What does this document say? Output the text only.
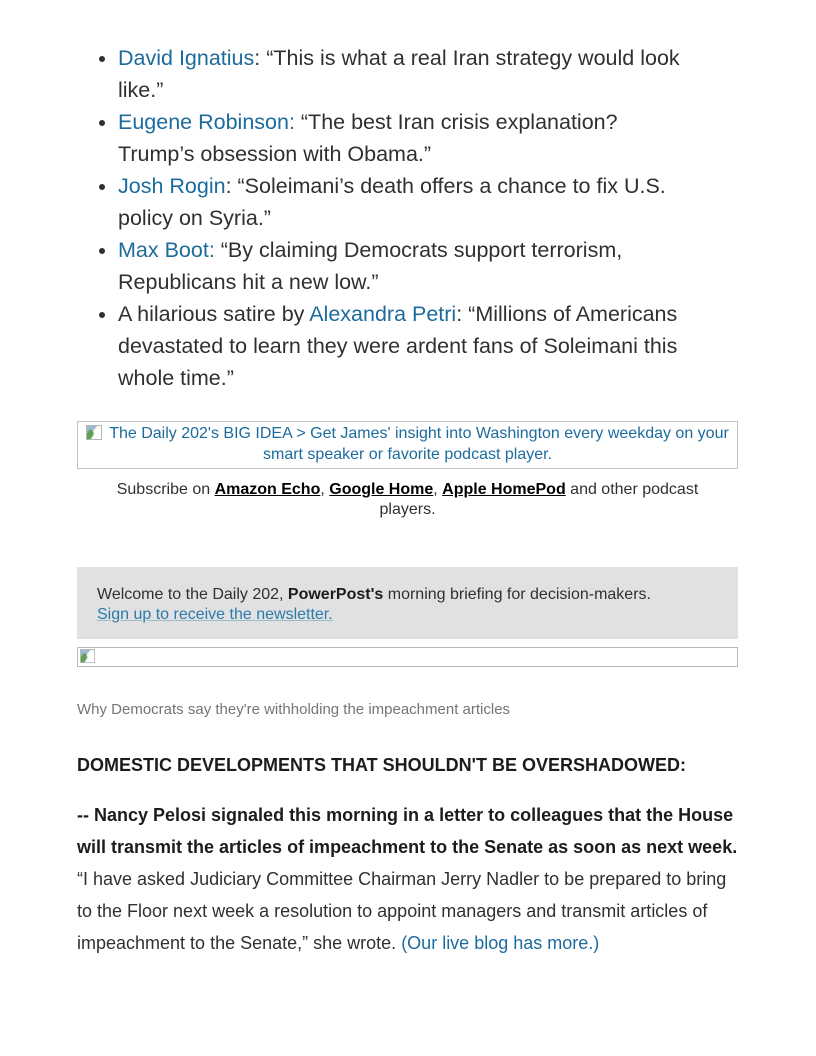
• David Ignatius: “This is what a real Iran strategy would look like.”
• Eugene Robinson: “The best Iran crisis explanation? Trump’s obsession with Obama.”
• Josh Rogin: “Soleimani’s death offers a chance to fix U.S. policy on Syria.”
• Max Boot: “By claiming Democrats support terrorism, Republicans hit a new low.”
• A hilarious satire by Alexandra Petri: “Millions of Americans devastated to learn they were ardent fans of Soleimani this whole time.”
The Daily 202's BIG IDEA > Get James' insight into Washington every weekday on your smart speaker or favorite podcast player.
Subscribe on Amazon Echo, Google Home, Apple HomePod and other podcast players.
Welcome to the Daily 202, PowerPost's morning briefing for decision-makers.
Sign up to receive the newsletter.
Why Democrats say they're withholding the impeachment articles
DOMESTIC DEVELOPMENTS THAT SHOULDN'T BE OVERSHADOWED:

-- Nancy Pelosi signaled this morning in a letter to colleagues that the House will transmit the articles of impeachment to the Senate as soon as next week. “I have asked Judiciary Committee Chairman Jerry Nadler to be prepared to bring to the Floor next week a resolution to appoint managers and transmit articles of impeachment to the Senate,” she wrote. (Our live blog has more.)
